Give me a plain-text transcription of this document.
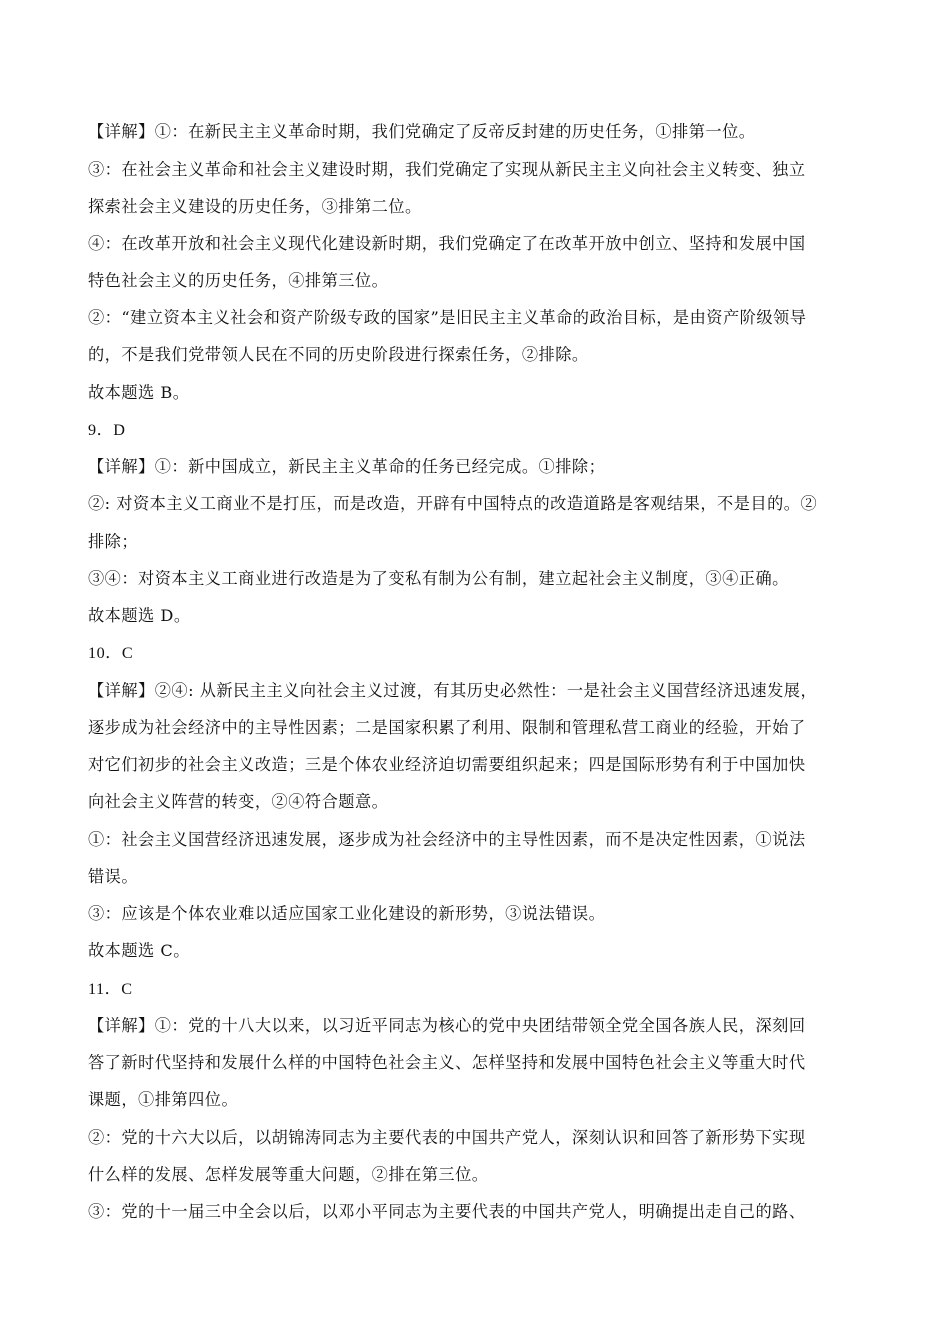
【详解】①：在新民主主义革命时期，我们党确定了反帝反封建的历史任务，①排第一位。
③：在社会主义革命和社会主义建设时期，我们党确定了实现从新民主主义向社会主义转变、独立
探索社会主义建设的历史任务，③排第二位。
④：在改革开放和社会主义现代化建设新时期，我们党确定了在改革开放中创立、坚持和发展中国
特色社会主义的历史任务，④排第三位。
②：“建立资本主义社会和资产阶级专政的国家”是旧民主主义革命的政治目标，是由资产阶级领导
的，不是我们党带领人民在不同的历史阶段进行探索任务，②排除。
故本题选 B。
9．D
【详解】①：新中国成立，新民主主义革命的任务已经完成。①排除；
②: 对资本主义工商业不是打压，而是改造，开辟有中国特点的改造道路是客观结果，不是目的。②
排除；
③④：对资本主义工商业进行改造是为了变私有制为公有制，建立起社会主义制度，③④正确。
故本题选 D。
10．C
【详解】②④: 从新民主主义向社会主义过渡，有其历史必然性：一是社会主义国营经济迅速发展，
逐步成为社会经济中的主导性因素；二是国家积累了利用、限制和管理私营工商业的经验，开始了
对它们初步的社会主义改造；三是个体农业经济迫切需要组织起来；四是国际形势有利于中国加快
向社会主义阵营的转变，②④符合题意。
①：社会主义国营经济迅速发展，逐步成为社会经济中的主导性因素，而不是决定性因素，①说法
错误。
③：应该是个体农业难以适应国家工业化建设的新形势，③说法错误。
故本题选 C。
11．C
【详解】①：党的十八大以来，以习近平同志为核心的党中央团结带领全党全国各族人民，深刻回
答了新时代坚持和发展什么样的中国特色社会主义、怎样坚持和发展中国特色社会主义等重大时代
课题，①排第四位。
②：党的十六大以后，以胡锦涛同志为主要代表的中国共产党人，深刻认识和回答了新形势下实现
什么样的发展、怎样发展等重大问题，②排在第三位。
③：党的十一届三中全会以后，以邓小平同志为主要代表的中国共产党人，明确提出走自己的路、
